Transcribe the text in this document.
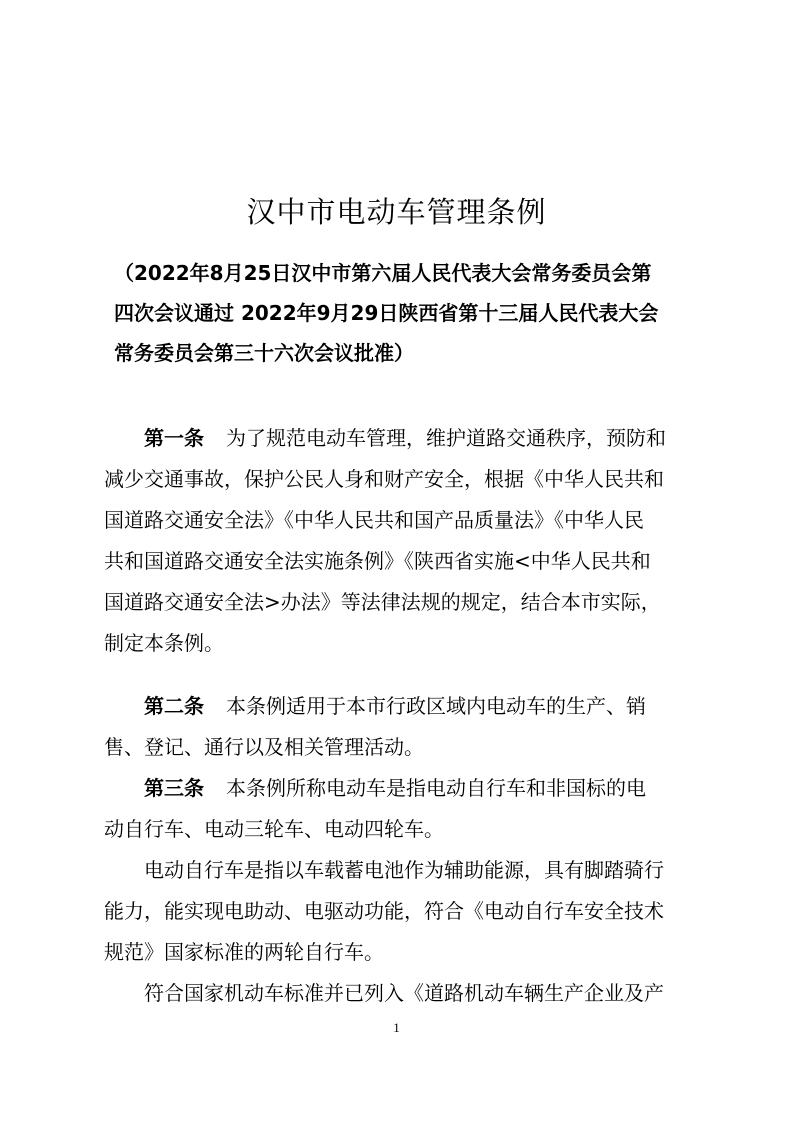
汉中市电动车管理条例
（2022年8月25日汉中市第六届人民代表大会常务委员会第
四次会议通过 2022年9月29日陕西省第十三届人民代表大会
常务委员会第三十六次会议批准）
第一条 为了规范电动车管理，维护道路交通秩序，预防和
减少交通事故，保护公民人身和财产安全，根据《中华人民共和
国道路交通安全法》《中华人民共和国产品质量法》《中华人民
共和国道路交通安全法实施条例》《陕西省实施<中华人民共和
国道路交通安全法>办法》等法律法规的规定，结合本市实际，
制定本条例。
第二条 本条例适用于本市行政区域内电动车的生产、销
售、登记、通行以及相关管理活动。
第三条 本条例所称电动车是指电动自行车和非国标的电
动自行车、电动三轮车、电动四轮车。
电动自行车是指以车载蓄电池作为辅助能源，具有脚踏骑行
能力，能实现电助动、电驱动功能，符合《电动自行车安全技术
规范》国家标准的两轮自行车。
符合国家机动车标准并已列入《道路机动车辆生产企业及产
1
